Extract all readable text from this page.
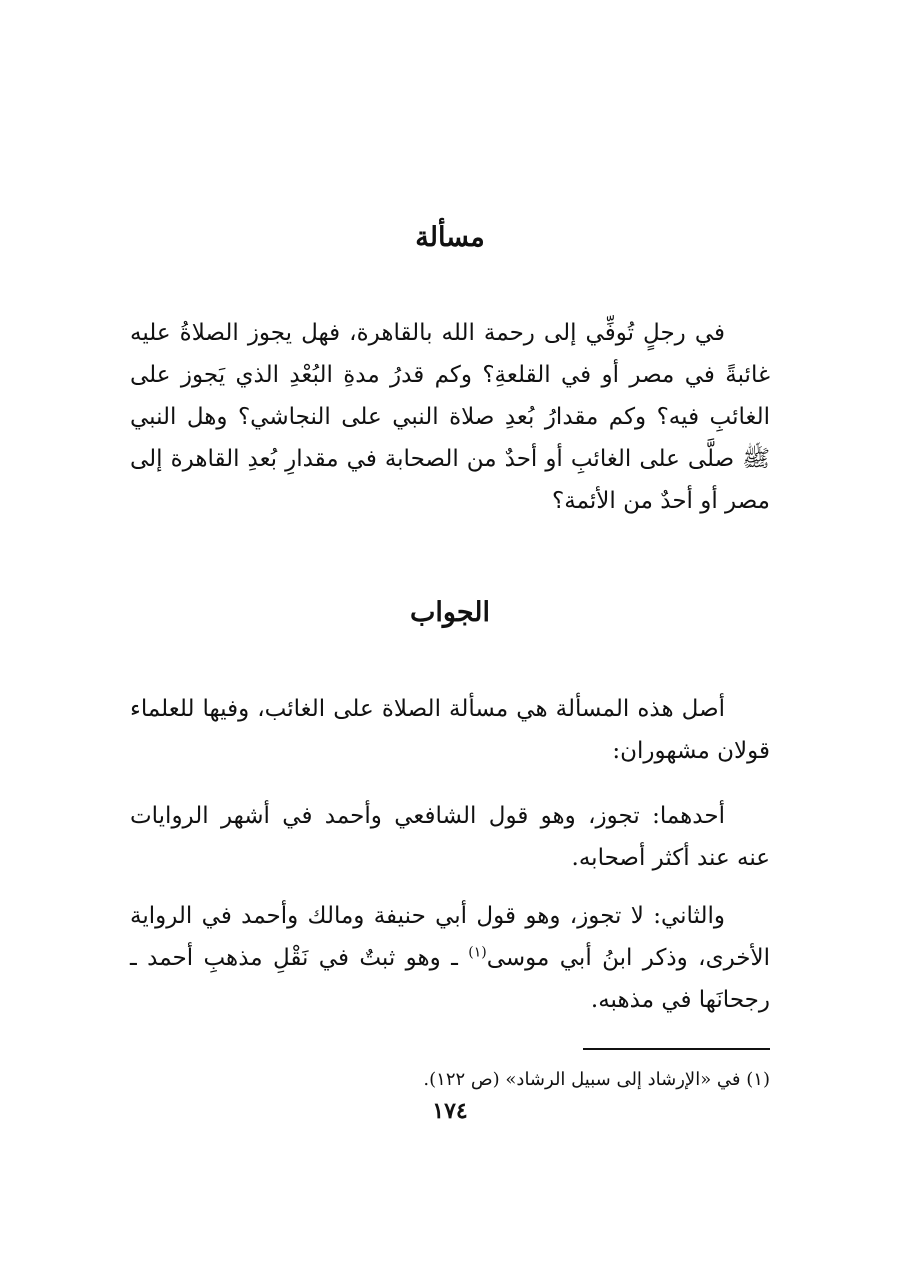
مسألة

في رجلٍ تُوفِّي إلى رحمة الله بالقاهرة، فهل يجوز الصلاةُ عليه غائبةً في مصر أو في القلعةِ؟ وكم قدرُ مدةِ البُعْدِ الذي يَجوز على الغائبِ فيه؟ وكم مقدارُ بُعدِ صلاة النبي على النجاشي؟ وهل النبي ﷺ صلَّى على الغائبِ أو أحدٌ من الصحابة في مقدارِ بُعدِ القاهرة إلى مصر أو أحدٌ من الأئمة؟

الجواب

أصل هذه المسألة هي مسألة الصلاة على الغائب، وفيها للعلماء قولان مشهوران:

أحدهما: تجوز، وهو قول الشافعي وأحمد في أشهر الروايات عنه عند أكثر أصحابه.

والثاني: لا تجوز، وهو قول أبي حنيفة ومالك وأحمد في الرواية الأخرى، وذكر ابنُ أبي موسى$^{(١)}$ ـ وهو ثبتٌ في نَقْلِ مذهبِ أحمد ـ رجحانَها في مذهبه.

(١) في «الإرشاد إلى سبيل الرشاد» (ص ١٢٢).
١٧٤
